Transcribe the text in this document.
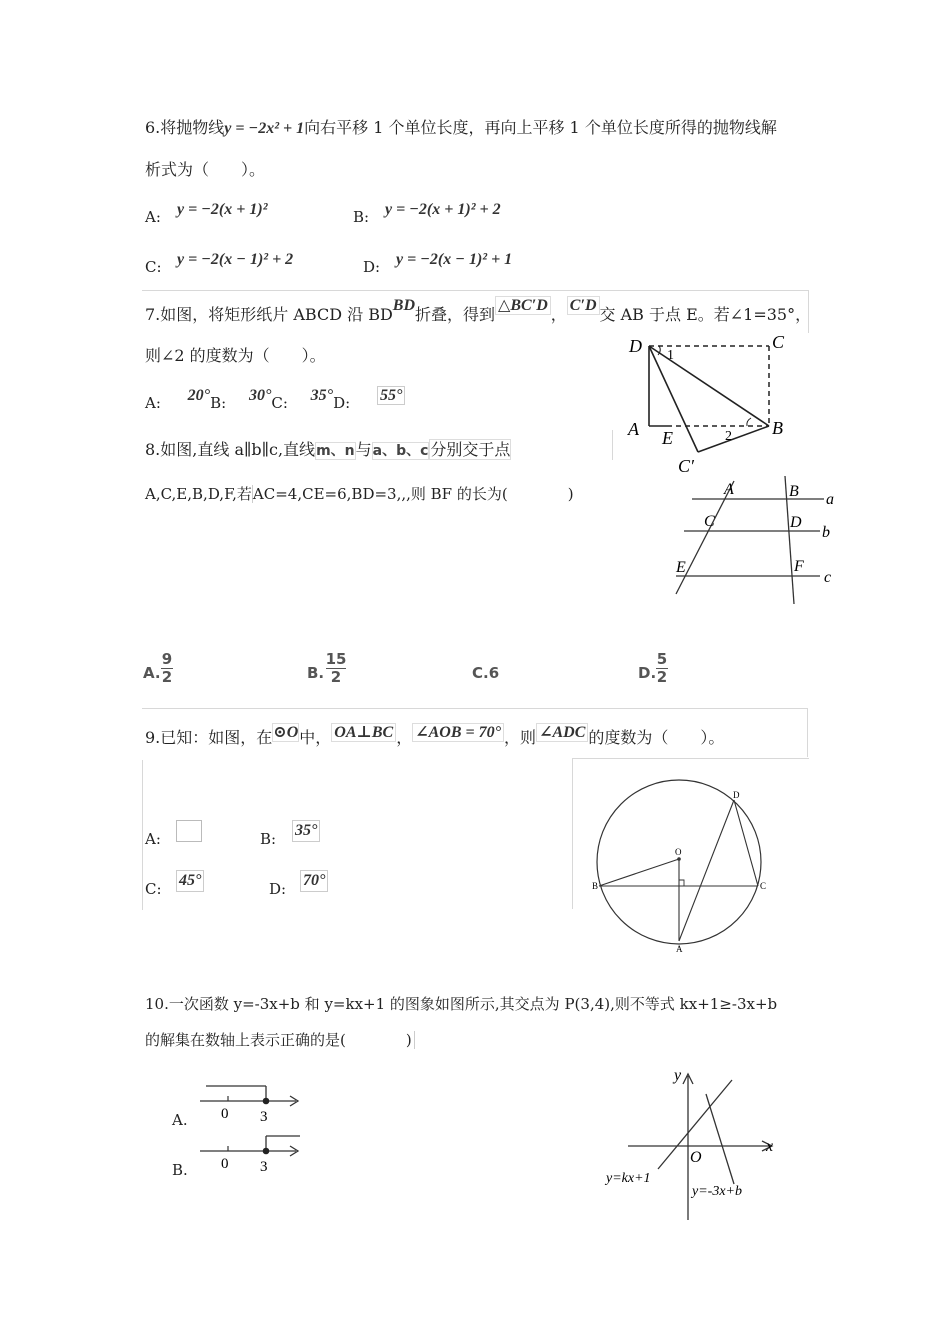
6.将抛物线y = −2x² + 1向右平移 1 个单位长度，再向上平移 1 个单位长度所得的抛物线解
析式为（　　）。
A: y = −2(x + 1)²	B: y = −2(x + 1)² + 2
C: y = −2(x − 1)² + 2	D: y = −2(x − 1)² + 1
7.如图，将矩形纸片 ABCD 沿 BDBD折叠，得到 △BC′D ， C′D 交 AB 于点 E。若∠1=35°，
则∠2 的度数为（　　）。
A: 20°B: 30°C: 35°D: 55°
D	C
A	B
E
C′
1
2
8.如图,直线 a∥b∥c,直线m、n与a、b、c 分别交于点
A,C,E,B,D,F,若AC=4,CE=6,BD=3,,,则 BF 的长为(　　　　)	A	B a
C	D
b
E	F
c
A.
9
2	B.
15
2	C.6	D.
5
2
9.已知：如图，在⊙O中， OA⊥BC ， ∠AOB = 70° ，则 ∠ADC 的度数为（　　）。
A:	B: 35°
C: 45°	D: 70°
O
B	C
A
D
10.一次函数 y=-3x+b 和 y=kx+1 的图象如图所示,其交点为 P(3,4),则不等式 kx+1≥-3x+b
的解集在数轴上表示正确的是(　　　　)
A. 0 3
B. 0 3
y
x
O
y=kx+1
y=-3x+b
